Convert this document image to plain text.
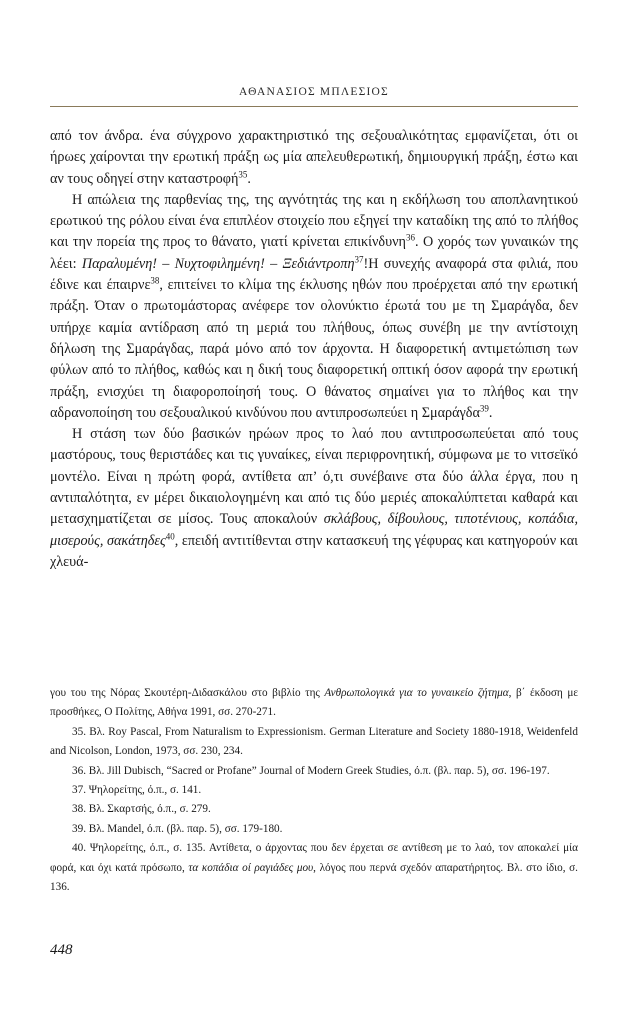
ΑΘΑΝΑΣΙΟΣ ΜΠΛΕΣΙΟΣ

από τον άνδρα. ένα σύγχρονο χαρακτηριστικό της σεξουαλικότητας εμφανίζεται, ότι οι ήρωες χαίρονται την ερωτική πράξη ως μία απελευθερωτική, δημιουργική πράξη, έστω και αν τους οδηγεί στην καταστροφή$^{35}$.

Η απώλεια της παρθενίας της, της αγνότητάς της και η εκδήλωση του αποπλανητικού ερωτικού της ρόλου είναι ένα επιπλέον στοιχείο που εξηγεί την καταδίκη της από το πλήθος και την πορεία της προς το θάνατο, γιατί κρίνεται επικίνδυνη$^{36}$. Ο χορός των γυναικών της λέει: Παραλυμένη! – Νυχτοφιλημένη! – Ξεδιάντροπη$^{37}$!Η συνεχής αναφορά στα φιλιά, που έδινε και έπαιρνε$^{38}$, επιτείνει το κλίμα της έκλυσης ηθών που προέρχεται από την ερωτική πράξη. Όταν ο πρωτομάστορας ανέφερε τον ολονύκτιο έρωτά του με τη Σμαράγδα, δεν υπήρχε καμία αντίδραση από τη μεριά του πλήθους, όπως συνέβη με την αντίστοιχη δήλωση της Σμαράγδας, παρά μόνο από τον άρχοντα. Η διαφορετική αντιμετώπιση των φύλων από το πλήθος, καθώς και η δική τους διαφορετική οπτική όσον αφορά την ερωτική πράξη, ενισχύει τη διαφοροποίησή τους. Ο θάνατος σημαίνει για το πλήθος και την αδρανοποίηση του σεξουαλικού κινδύνου που αντιπροσωπεύει η Σμαράγδα$^{39}$.

Η στάση των δύο βασικών ηρώων προς το λαό που αντιπροσωπεύεται από τους μαστόρους, τους θεριστάδες και τις γυναίκες, είναι περιφρονητική, σύμφωνα με το νιτσεϊκό μοντέλο. Είναι η πρώτη φορά, αντίθετα απ’ ό,τι συνέβαινε στα δύο άλλα έργα, που η αντιπαλότητα, εν μέρει δικαιολογημένη και από τις δύο μεριές αποκαλύπτεται καθαρά και μετασχηματίζεται σε μίσος. Τους αποκαλούν σκλάβους, δίβουλους, τιποτένιους, κοπάδια, μισερούς, σακάτηδες$^{40}$, επειδή αντιτίθενται στην κατασκευή της γέφυρας και κατηγορούν και χλευά-

γου του της Νόρας Σκουτέρη-Διδασκάλου στο βιβλίο της Ανθρωπολογικά για το γυναικείο ζήτημα, β΄ έκδοση με προσθήκες, Ο Πολίτης, Αθήνα 1991, σσ. 270-271.

35. Βλ. Roy Pascal, From Naturalism to Expressionism. German Literature and Society 1880-1918, Weidenfeld and Nicolson, London, 1973, σσ. 230, 234.

36. Βλ. Jill Dubisch, “Sacred or Profane” Journal of Modern Greek Studies, ό.π. (βλ. παρ. 5), σσ. 196-197.

37. Ψηλορείτης, ό.π., σ. 141.

38. Βλ. Σκαρτσής, ό.π., σ. 279.

39. Βλ. Mandel, ό.π. (βλ. παρ. 5), σσ. 179-180.

40. Ψηλορείτης, ό.π., σ. 135. Αντίθετα, ο άρχοντας που δεν έρχεται σε αντίθεση με το λαό, τον αποκαλεί μία φορά, και όχι κατά πρόσωπο, τα κοπάδια οί ραγιάδες μου, λόγος που περνά σχεδόν απαρατήρητος. Βλ. στο ίδιο, σ. 136.

448
